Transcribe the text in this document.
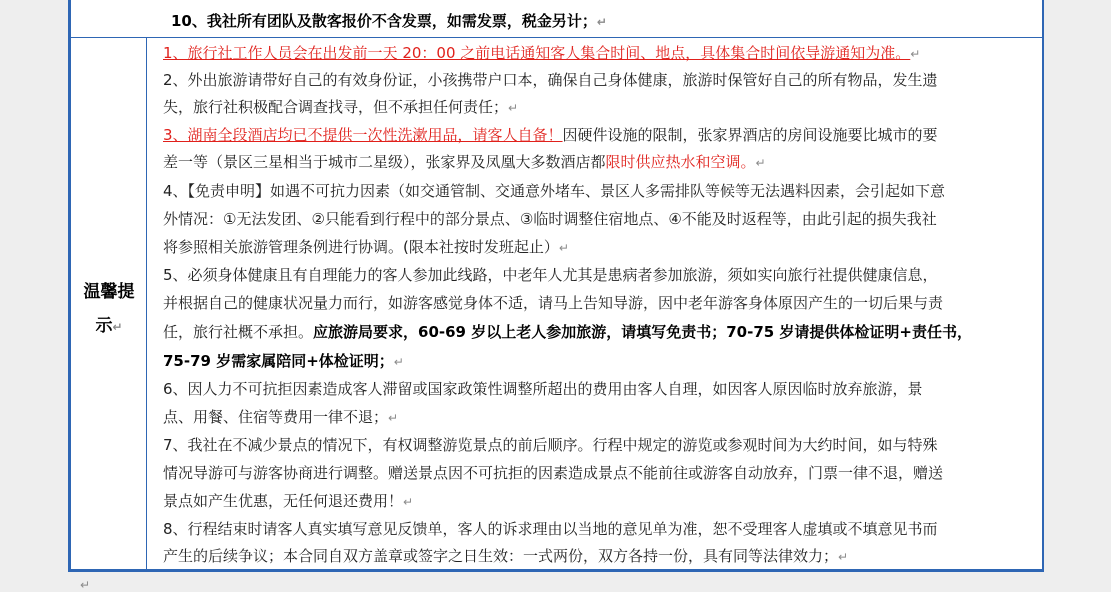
10、我社所有团队及散客报价不含发票，如需发票，税金另计；↵
温馨提
示↵
1、旅行社工作人员会在出发前一天 20：00 之前电话通知客人集合时间、地点，具体集合时间依导游通知为准。↵
2、外出旅游请带好自己的有效身份证，小孩携带户口本，确保自己身体健康，旅游时保管好自己的所有物品，发生遗
失，旅行社积极配合调查找寻，但不承担任何责任；↵
3、湖南全段酒店均已不提供一次性洗漱用品，请客人自备！因硬件设施的限制，张家界酒店的房间设施要比城市的要
差一等（景区三星相当于城市二星级），张家界及凤凰大多数酒店都限时供应热水和空调。↵
4、【免责申明】如遇不可抗力因素（如交通管制、交通意外堵车、景区人多需排队等候等无法遇料因素，会引起如下意
外情况：①无法发团、②只能看到行程中的部分景点、③临时调整住宿地点、④不能及时返程等，由此引起的损失我社
将参照相关旅游管理条例进行协调。(限本社按时发班起止）↵
5、必须身体健康且有自理能力的客人参加此线路，中老年人尤其是患病者参加旅游，须如实向旅行社提供健康信息，
并根据自己的健康状况量力而行，如游客感觉身体不适，请马上告知导游，因中老年游客身体原因产生的一切后果与责
任，旅行社概不承担。应旅游局要求，60-69 岁以上老人参加旅游，请填写免责书；70-75 岁请提供体检证明+责任书，
75-79 岁需家属陪同+体检证明；↵
6、因人力不可抗拒因素造成客人滞留或国家政策性调整所超出的费用由客人自理，如因客人原因临时放弃旅游，景
点、用餐、住宿等费用一律不退；↵
7、我社在不减少景点的情况下，有权调整游览景点的前后顺序。行程中规定的游览或参观时间为大约时间，如与特殊
情况导游可与游客协商进行调整。赠送景点因不可抗拒的因素造成景点不能前往或游客自动放弃，门票一律不退，赠送
景点如产生优惠，无任何退还费用！↵
8、行程结束时请客人真实填写意见反馈单，客人的诉求理由以当地的意见单为准，恕不受理客人虚填或不填意见书而
产生的后续争议；本合同自双方盖章或签字之日生效：一式两份，双方各持一份，具有同等法律效力；↵
↵
